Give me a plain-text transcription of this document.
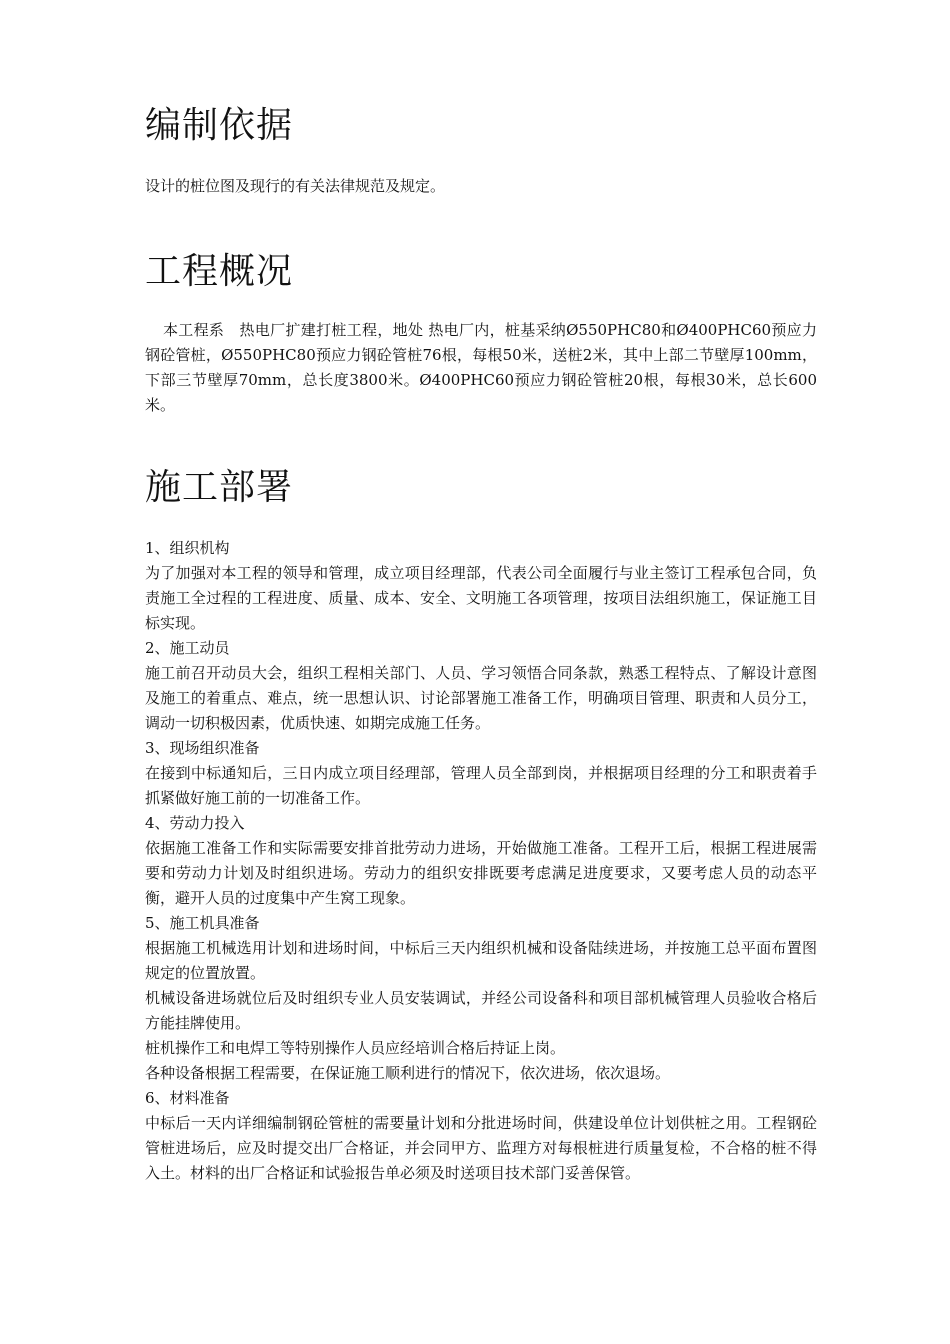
编制依据

设计的桩位图及现行的有关法律规范及规定。

工程概况

本工程系　热电厂扩建打桩工程，地处 热电厂内，桩基采纳Ø550PHC80和Ø400PHC60预应力钢砼管桩，Ø550PHC80预应力钢砼管桩76根，每根50米，送桩2米，其中上部二节壁厚100mm，下部三节壁厚70mm，总长度3800米。Ø400PHC60预应力钢砼管桩20根，每根30米，总长600米。

施工部署

1、组织机构

为了加强对本工程的领导和管理，成立项目经理部，代表公司全面履行与业主签订工程承包合同，负责施工全过程的工程进度、质量、成本、安全、文明施工各项管理，按项目法组织施工，保证施工目标实现。

2、施工动员

施工前召开动员大会，组织工程相关部门、人员、学习领悟合同条款，熟悉工程特点、了解设计意图及施工的着重点、难点，统一思想认识、讨论部署施工准备工作，明确项目管理、职责和人员分工，调动一切积极因素，优质快速、如期完成施工任务。

3、现场组织准备

在接到中标通知后，三日内成立项目经理部，管理人员全部到岗，并根据项目经理的分工和职责着手抓紧做好施工前的一切准备工作。

4、劳动力投入

依据施工准备工作和实际需要安排首批劳动力进场，开始做施工准备。工程开工后，根据工程进展需要和劳动力计划及时组织进场。劳动力的组织安排既要考虑满足进度要求，又要考虑人员的动态平衡，避开人员的过度集中产生窝工现象。

5、施工机具准备

根据施工机械选用计划和进场时间，中标后三天内组织机械和设备陆续进场，并按施工总平面布置图规定的位置放置。

机械设备进场就位后及时组织专业人员安装调试，并经公司设备科和项目部机械管理人员验收合格后方能挂牌使用。

桩机操作工和电焊工等特别操作人员应经培训合格后持证上岗。

各种设备根据工程需要，在保证施工顺利进行的情况下，依次进场，依次退场。

6、材料准备

中标后一天内详细编制钢砼管桩的需要量计划和分批进场时间，供建设单位计划供桩之用。工程钢砼管桩进场后，应及时提交出厂合格证，并会同甲方、监理方对每根桩进行质量复检，不合格的桩不得入土。材料的出厂合格证和试验报告单必须及时送项目技术部门妥善保管。
